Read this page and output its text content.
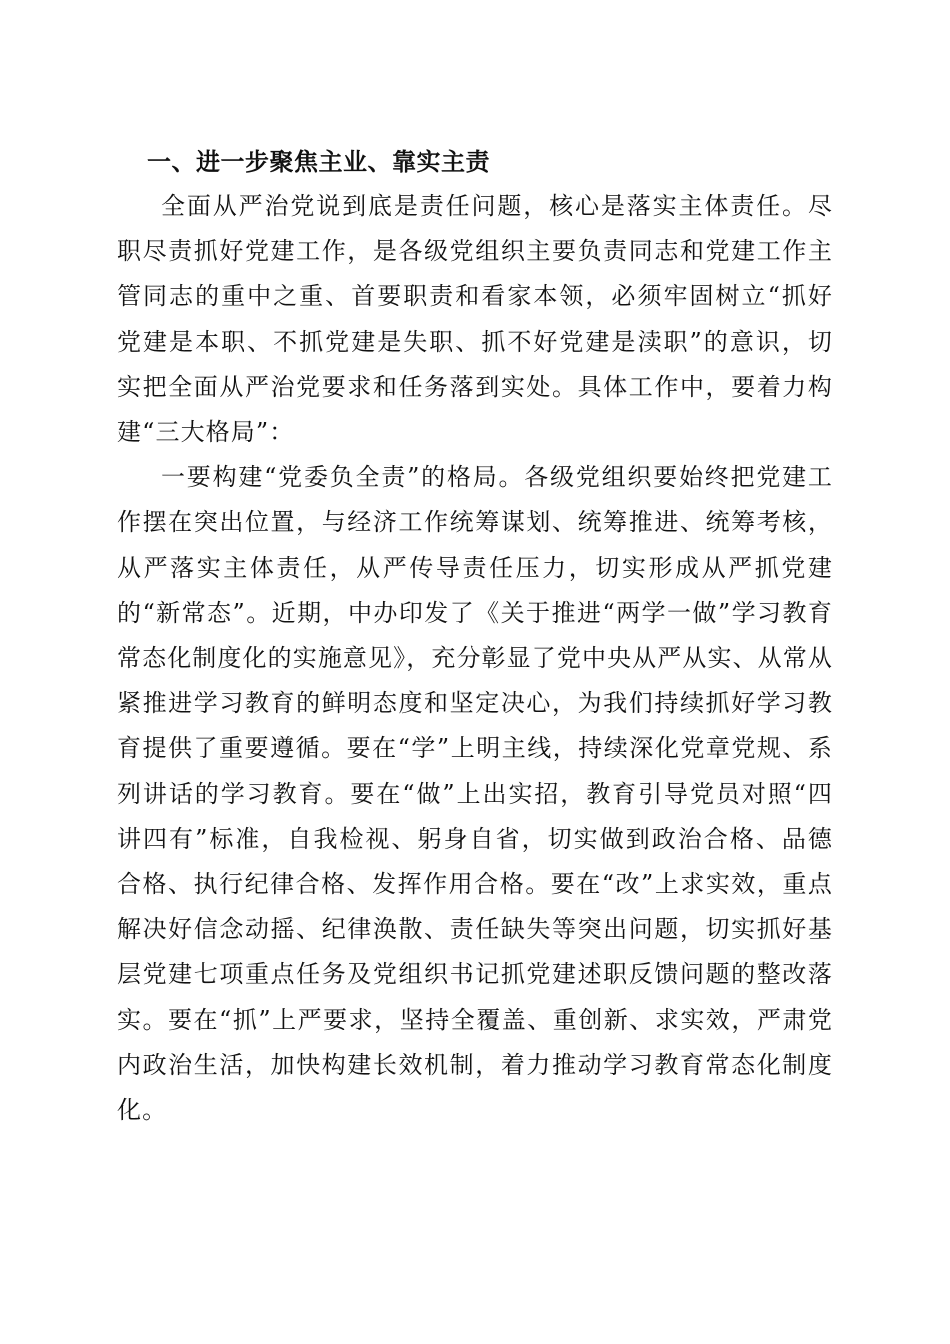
一、进一步聚焦主业、靠实主责

全面从严治党说到底是责任问题，核心是落实主体责任。尽职尽责抓好党建工作，是各级党组织主要负责同志和党建工作主管同志的重中之重、首要职责和看家本领，必须牢固树立“抓好党建是本职、不抓党建是失职、抓不好党建是渎职”的意识，切实把全面从严治党要求和任务落到实处。具体工作中，要着力构建“三大格局”：

一要构建“党委负全责”的格局。各级党组织要始终把党建工作摆在突出位置，与经济工作统筹谋划、统筹推进、统筹考核，从严落实主体责任，从严传导责任压力，切实形成从严抓党建的“新常态”。近期，中办印发了《关于推进“两学一做”学习教育常态化制度化的实施意见》，充分彰显了党中央从严从实、从常从紧推进学习教育的鲜明态度和坚定决心，为我们持续抓好学习教育提供了重要遵循。要在“学”上明主线，持续深化党章党规、系列讲话的学习教育。要在“做”上出实招，教育引导党员对照“四讲四有”标准，自我检视、躬身自省，切实做到政治合格、品德合格、执行纪律合格、发挥作用合格。要在“改”上求实效，重点解决好信念动摇、纪律涣散、责任缺失等突出问题，切实抓好基层党建七项重点任务及党组织书记抓党建述职反馈问题的整改落实。要在“抓”上严要求，坚持全覆盖、重创新、求实效，严肃党内政治生活，加快构建长效机制，着力推动学习教育常态化制度化。
